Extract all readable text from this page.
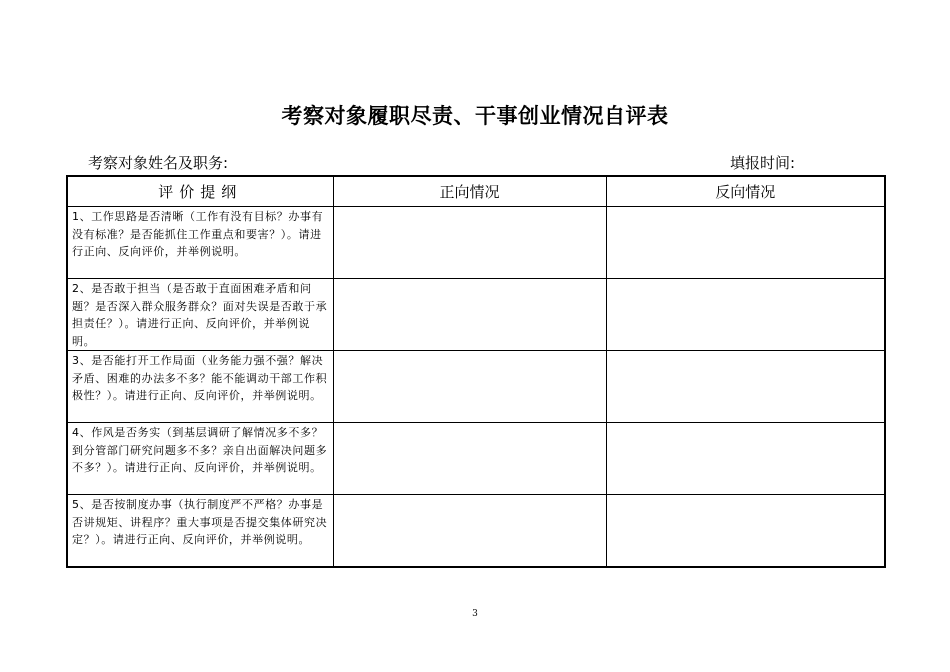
考察对象履职尽责、干事创业情况自评表
考察对象姓名及职务:	填报时间:
评价提纲	正向情况	反向情况

1、工作思路是否清晰（工作有没有目标？办事有没有标准？是否能抓住工作重点和要害？）。请进行正向、反向评价，并举例说明。		

2、是否敢于担当（是否敢于直面困难矛盾和问题？是否深入群众服务群众？面对失误是否敢于承担责任？）。请进行正向、反向评价，并举例说明。		

3、是否能打开工作局面（业务能力强不强？解决矛盾、困难的办法多不多？能不能调动干部工作积极性？）。请进行正向、反向评价，并举例说明。		

4、作风是否务实（到基层调研了解情况多不多？到分管部门研究问题多不多？亲自出面解决问题多不多？）。请进行正向、反向评价，并举例说明。		

5、是否按制度办事（执行制度严不严格？办事是否讲规矩、讲程序？重大事项是否提交集体研究决定？）。请进行正向、反向评价，并举例说明。		

3
